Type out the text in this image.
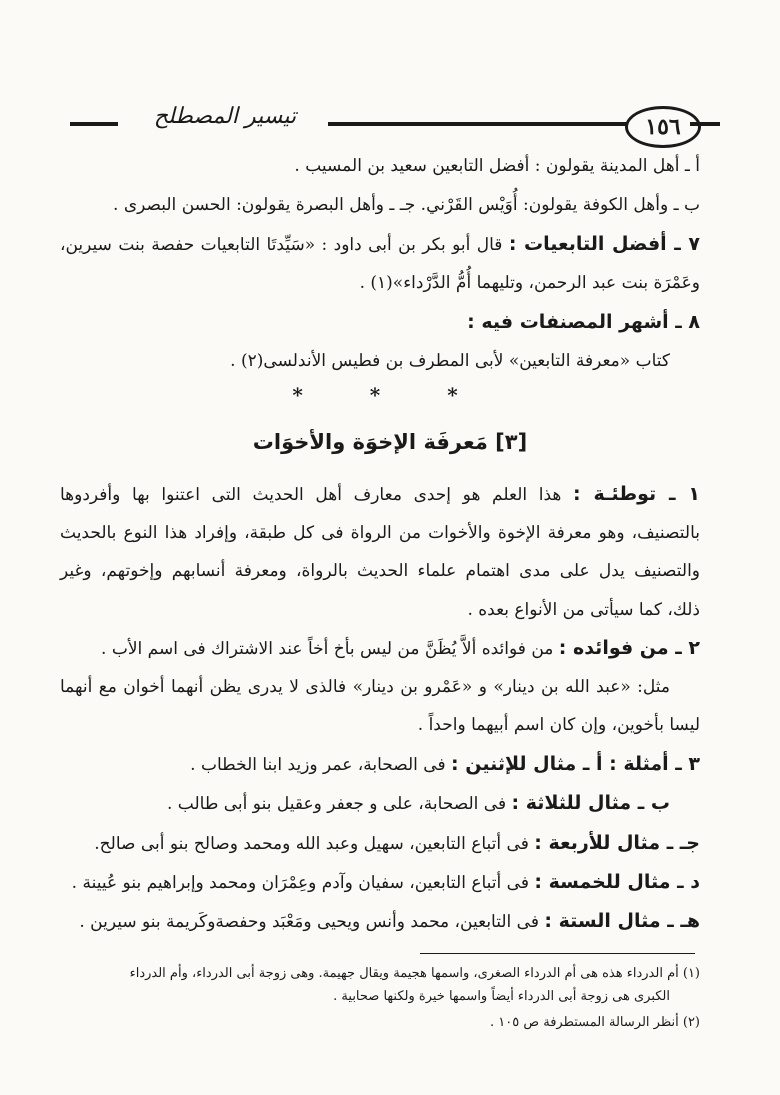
تيسير المصطلح	١٥٦
أ ـ أهل المدينة يقولون : أفضل التابعين سعيد بن المسيب .
ب ـ وأهل الكوفة يقولون: أُوَيْس القَرْني. جـ ـ وأهل البصرة يقولون: الحسن البصرى .
٧ ـ أفضل التابعيات : قال أبو بكر بن أبى داود : «سَيِّدتَا التابعيات حفصة بنت سيرين،
وعَمْرَة بنت عبد الرحمن، وتليهما أُمُّ الدَّرْداء»(١) .
٨ ـ أشهر المصنفات فيه :
كتاب «معرفة التابعين» لأبى المطرف بن فطيس الأندلسى(٢) .
* * *
[٣] مَعرفَة الإخوَة والأخوَات
١ ـ توطئـة : هذا العلم هو إحدى معارف أهل الحديث التى اعتنوا بها وأفردوها
بالتصنيف، وهو معرفة الإخوة والأخوات من الرواة فى كل طبقة، وإفراد هذا النوع بالحديث
والتصنيف يدل على مدى اهتمام علماء الحديث بالرواة، ومعرفة أنسابهم وإخوتهم، وغير
ذلك، كما سيأتى من الأنواع بعده .
٢ ـ من فوائده : من فوائده ألاَّ يُظَنَّ من ليس بأخ أخاً عند الاشتراك فى اسم الأب .
مثل: «عبد الله بن دينار» و «عَمْرو بن دينار» فالذى لا يدرى يظن أنهما أخوان مع أنهما
ليسا بأخوين، وإن كان اسم أبيهما واحداً .
٣ ـ أمثلة : أ ـ مثال للإثنين : فى الصحابة، عمر وزيد ابنا الخطاب .
ب ـ مثال للثلاثة : فى الصحابة، على و جعفر وعقيل بنو أبى طالب .
جـ ـ مثال للأربعة : فى أتباع التابعين، سهيل وعبد الله ومحمد وصالح بنو أبى صالح.
د ـ مثال للخمسة : فى أتباع التابعين، سفيان وآدم وعِمْرَان ومحمد وإبراهيم بنو عُيينة .
هـ ـ مثال الستة : فى التابعين، محمد وأنس ويحيى ومَعْبَد وحفصةوكَريمة بنو سيرين .
(١) أم الدرداء هذه هى أم الدرداء الصغرى، واسمها هجيمة ويقال جهيمة. وهى زوجة أبى الدرداء، وأم الدرداء
الكبرى هى زوجة أبى الدرداء أيضاً واسمها خيرة ولكنها صحابية .
(٢) أنظر الرسالة المستطرفة ص ١٠٥ .
